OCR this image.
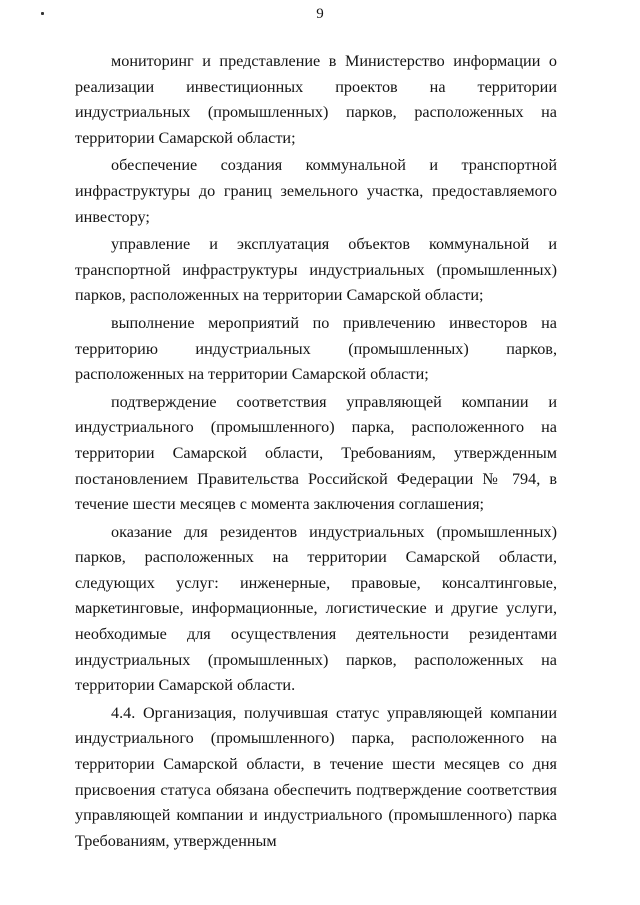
9

мониторинг и представление в Министерство информации о реализации инвестиционных проектов на территории индустриальных (промышленных) парков, расположенных на территории Самарской области;

обеспечение создания коммунальной и транспортной инфраструктуры до границ земельного участка, предоставляемого инвестору;

управление и эксплуатация объектов коммунальной и транспортной инфраструктуры индустриальных (промышленных) парков, расположенных на территории Самарской области;

выполнение мероприятий по привлечению инвесторов на территорию индустриальных (промышленных) парков, расположенных на территории Самарской области;

подтверждение соответствия управляющей компании и индустриального (промышленного) парка, расположенного на территории Самарской области, Требованиям, утвержденным постановлением Правительства Российской Федерации № 794, в течение шести месяцев с момента заключения соглашения;

оказание для резидентов индустриальных (промышленных) парков, расположенных на территории Самарской области, следующих услуг: инженерные, правовые, консалтинговые, маркетинговые, информационные, логистические и другие услуги, необходимые для осуществления деятельности резидентами индустриальных (промышленных) парков, расположенных на территории Самарской области.

4.4. Организация, получившая статус управляющей компании индустриального (промышленного) парка, расположенного на территории Самарской области, в течение шести месяцев со дня присвоения статуса обязана обеспечить подтверждение соответствия управляющей компании и индустриального (промышленного) парка Требованиям, утвержденным
